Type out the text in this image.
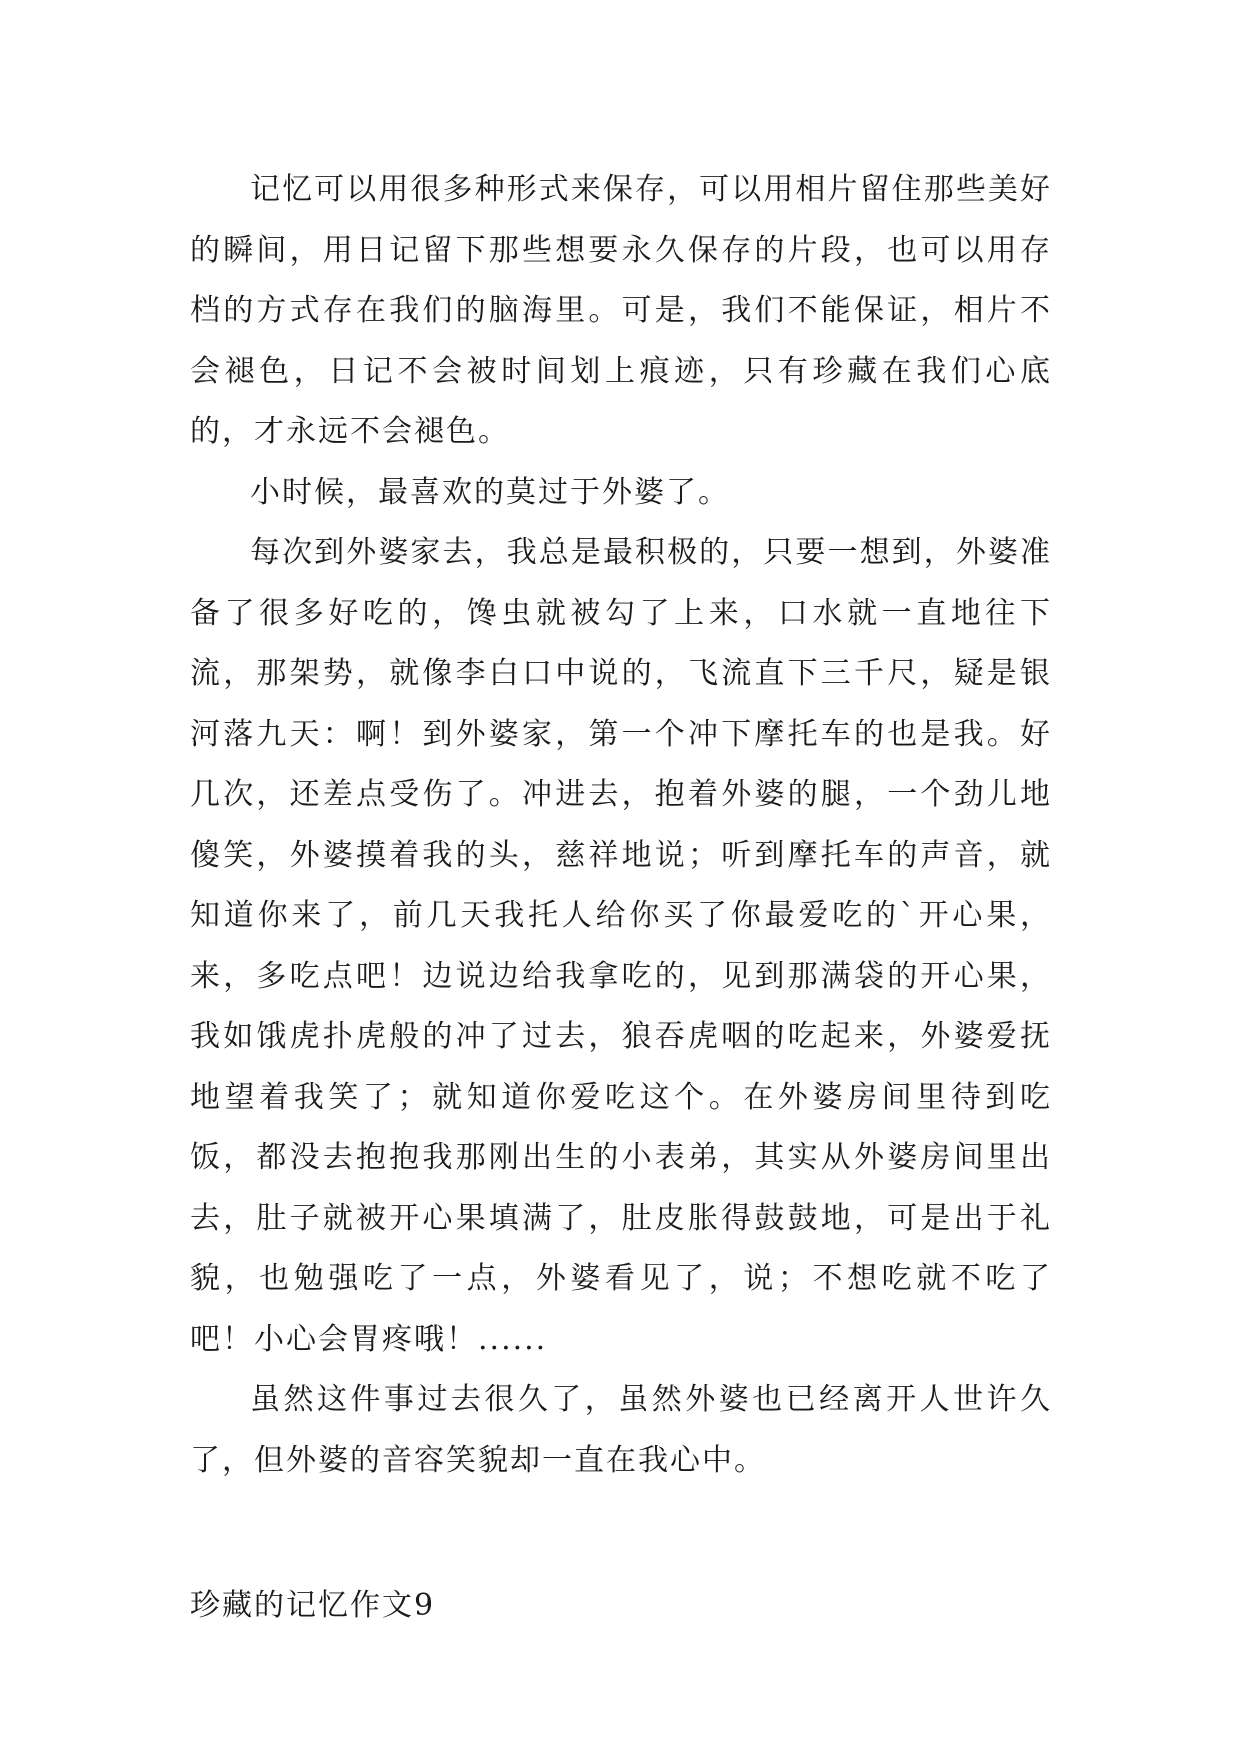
记忆可以用很多种形式来保存，可以用相片留住那些美好的瞬间，用日记留下那些想要永久保存的片段，也可以用存档的方式存在我们的脑海里。可是，我们不能保证，相片不会褪色，日记不会被时间划上痕迹，只有珍藏在我们心底的，才永远不会褪色。

小时候，最喜欢的莫过于外婆了。

每次到外婆家去，我总是最积极的，只要一想到，外婆准备了很多好吃的，馋虫就被勾了上来，口水就一直地往下流，那架势，就像李白口中说的，飞流直下三千尺，疑是银河落九天：啊！到外婆家，第一个冲下摩托车的也是我。好几次，还差点受伤了。冲进去，抱着外婆的腿，一个劲儿地傻笑，外婆摸着我的头，慈祥地说；听到摩托车的声音，就知道你来了，前几天我托人给你买了你最爱吃的`开心果，来，多吃点吧！边说边给我拿吃的，见到那满袋的开心果，我如饿虎扑虎般的冲了过去，狼吞虎咽的吃起来，外婆爱抚地望着我笑了；就知道你爱吃这个。在外婆房间里待到吃饭，都没去抱抱我那刚出生的小表弟，其实从外婆房间里出去，肚子就被开心果填满了，肚皮胀得鼓鼓地，可是出于礼貌，也勉强吃了一点，外婆看见了，说；不想吃就不吃了吧！小心会胃疼哦！......

虽然这件事过去很久了，虽然外婆也已经离开人世许久了，但外婆的音容笑貌却一直在我心中。

珍藏的记忆作文9
